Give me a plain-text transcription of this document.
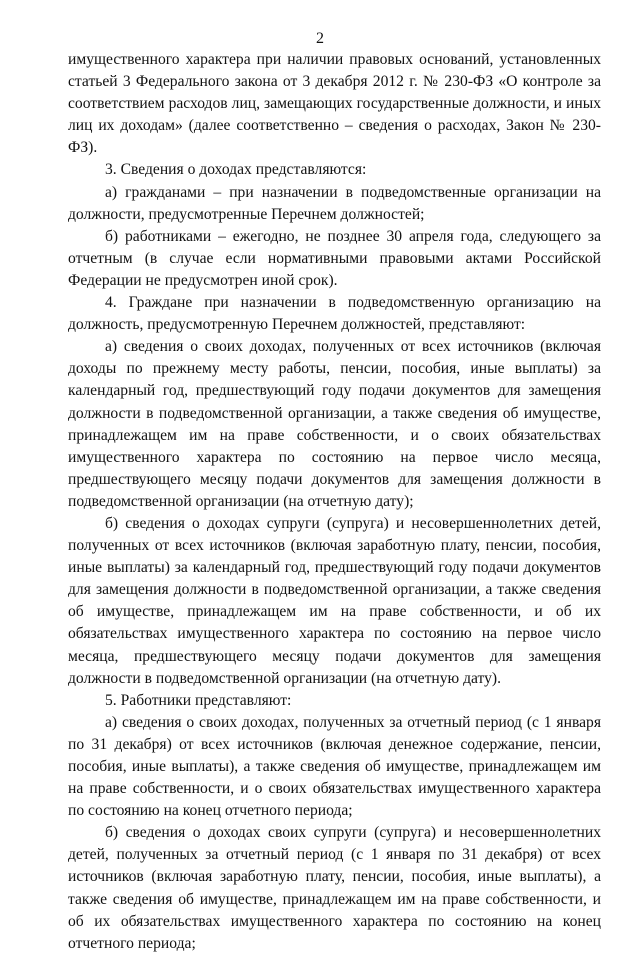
2

имущественного характера при наличии правовых оснований, установленных статьей 3 Федерального закона от 3 декабря 2012 г. № 230-ФЗ «О контроле за соответствием расходов лиц, замещающих государственные должности, и иных лиц их доходам» (далее соответственно – сведения о расходах, Закон № 230-ФЗ).

3. Сведения о доходах представляются:

а) гражданами – при назначении в подведомственные организации на должности, предусмотренные Перечнем должностей;

б) работниками – ежегодно, не позднее 30 апреля года, следующего за отчетным (в случае если нормативными правовыми актами Российской Федерации не предусмотрен иной срок).

4. Граждане при назначении в подведомственную организацию на должность, предусмотренную Перечнем должностей, представляют:

а) сведения о своих доходах, полученных от всех источников (включая доходы по прежнему месту работы, пенсии, пособия, иные выплаты) за календарный год, предшествующий году подачи документов для замещения должности в подведомственной организации, а также сведения об имуществе, принадлежащем им на праве собственности, и о своих обязательствах имущественного характера по состоянию на первое число месяца, предшествующего месяцу подачи документов для замещения должности в подведомственной организации (на отчетную дату);

б) сведения о доходах супруги (супруга) и несовершеннолетних детей, полученных от всех источников (включая заработную плату, пенсии, пособия, иные выплаты) за календарный год, предшествующий году подачи документов для замещения должности в подведомственной организации, а также сведения об имуществе, принадлежащем им на праве собственности, и об их обязательствах имущественного характера по состоянию на первое число месяца, предшествующего месяцу подачи документов для замещения должности в подведомственной организации (на отчетную дату).

5. Работники представляют:

а) сведения о своих доходах, полученных за отчетный период (с 1 января по 31 декабря) от всех источников (включая денежное содержание, пенсии, пособия, иные выплаты), а также сведения об имуществе, принадлежащем им на праве собственности, и о своих обязательствах имущественного характера по состоянию на конец отчетного периода;

б) сведения о доходах своих супруги (супруга) и несовершеннолетних детей, полученных за отчетный период (с 1 января по 31 декабря) от всех источников (включая заработную плату, пенсии, пособия, иные выплаты), а также сведения об имуществе, принадлежащем им на праве собственности, и об их обязательствах имущественного характера по состоянию на конец отчетного периода;
